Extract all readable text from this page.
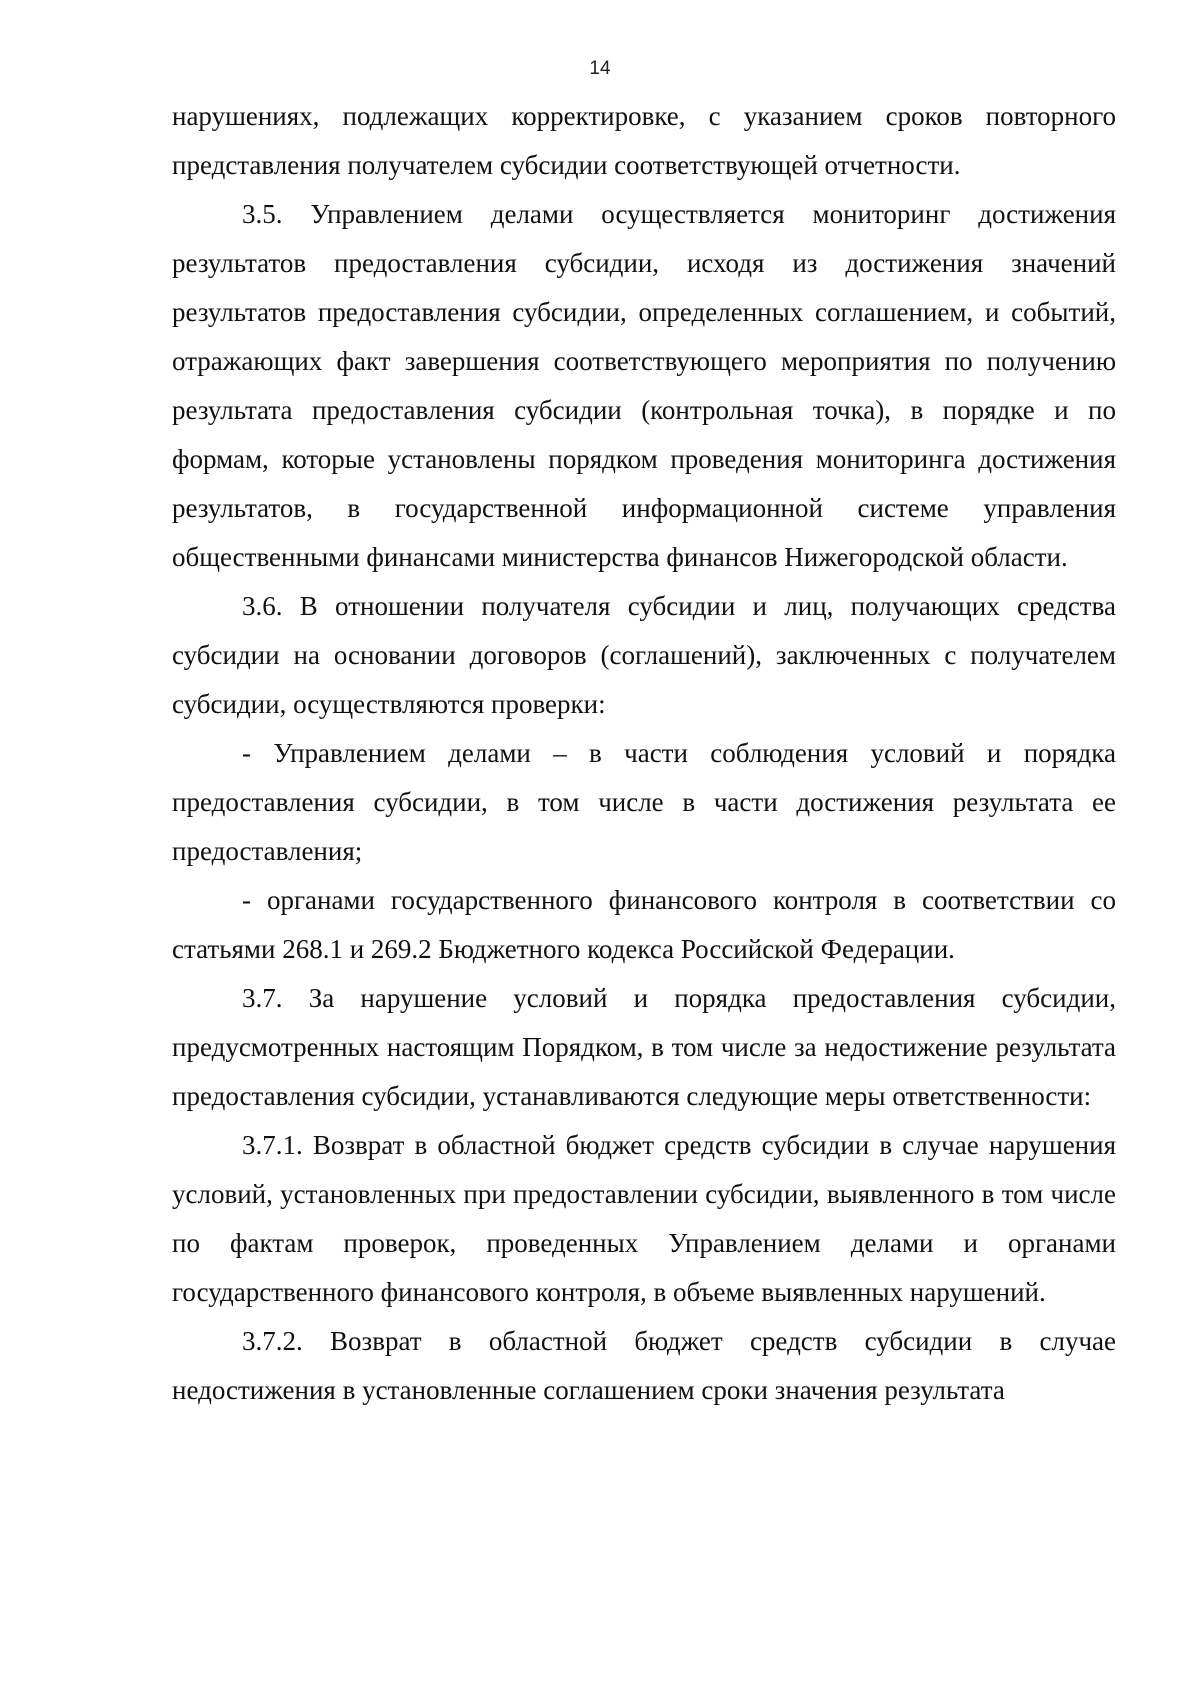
14

нарушениях, подлежащих корректировке, с указанием сроков повторного представления получателем субсидии соответствующей отчетности.

3.5. Управлением делами осуществляется мониторинг достижения результатов предоставления субсидии, исходя из достижения значений результатов предоставления субсидии, определенных соглашением, и событий, отражающих факт завершения соответствующего мероприятия по получению результата предоставления субсидии (контрольная точка), в порядке и по формам, которые установлены порядком проведения мониторинга достижения результатов, в государственной информационной системе управления общественными финансами министерства финансов Нижегородской области.

3.6. В отношении получателя субсидии и лиц, получающих средства субсидии на основании договоров (соглашений), заключенных с получателем субсидии, осуществляются проверки:

- Управлением делами – в части соблюдения условий и порядка предоставления субсидии, в том числе в части достижения результата ее предоставления;

- органами государственного финансового контроля в соответствии со статьями 268.1 и 269.2 Бюджетного кодекса Российской Федерации.

3.7. За нарушение условий и порядка предоставления субсидии, предусмотренных настоящим Порядком, в том числе за недостижение результата предоставления субсидии, устанавливаются следующие меры ответственности:

3.7.1. Возврат в областной бюджет средств субсидии в случае нарушения условий, установленных при предоставлении субсидии, выявленного в том числе по фактам проверок, проведенных Управлением делами и органами государственного финансового контроля, в объеме выявленных нарушений.

3.7.2. Возврат в областной бюджет средств субсидии в случае недостижения в установленные соглашением сроки значения результата
